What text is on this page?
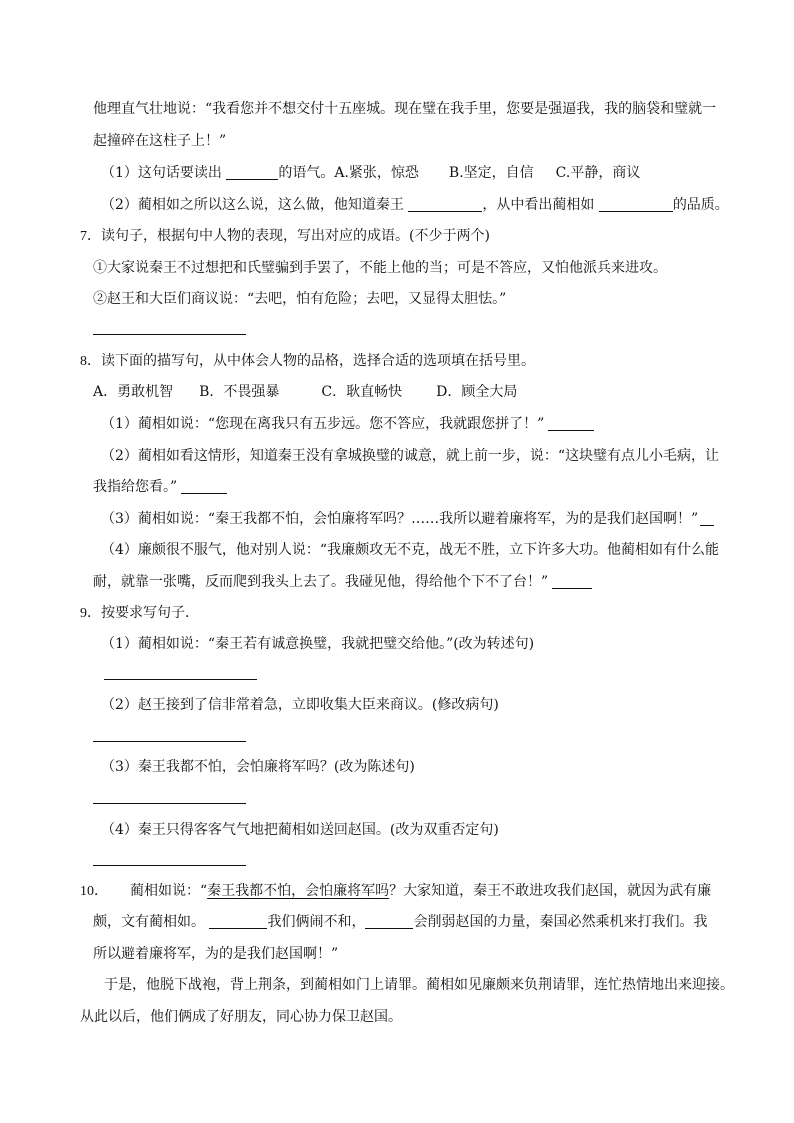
他理直气壮地说：“我看您并不想交付十五座城。现在璧在我手里，您要是强逼我，我的脑袋和璧就一
起撞碎在这柱子上！”
（1）这句话要读出	的语气。A.紧张，惊恐 B.坚定，自信 C.平静，商议
（2）蔺相如之所以这么说，这么做，他知道秦王	，从中看出蔺相如	的品质。
7．读句子，根据句中人物的表现，写出对应的成语。(不少于两个)
①大家说秦王不过想把和氏璧骗到手罢了，不能上他的当；可是不答应，又怕他派兵来进攻。
②赵王和大臣们商议说：“去吧，怕有危险；去吧，又显得太胆怯。”
8．读下面的描写句，从中体会人物的品格，选择合适的选项填在括号里。
A．勇敢机智 B．不畏强暴	C．耿直畅快 D．顾全大局
（1）蔺相如说：“您现在离我只有五步远。您不答应，我就跟您拼了！”
（2）蔺相如看这情形，知道秦王没有拿城换璧的诚意，就上前一步，说：“这块璧有点儿小毛病，让
我指给您看。”
（3）蔺相如说：“秦王我都不怕，会怕廉将军吗？……我所以避着廉将军，为的是我们赵国啊！”
（4）廉颇很不服气，他对别人说：“我廉颇攻无不克，战无不胜，立下许多大功。他蔺相如有什么能
耐，就靠一张嘴，反而爬到我头上去了。我碰见他，得给他个下不了台！”
9．按要求写句子．
（1）蔺相如说：“秦王若有诚意换璧，我就把璧交给他。”(改为转述句)
（2）赵王接到了信非常着急，立即收集大臣来商议。(修改病句)
（3）秦王我都不怕，会怕廉将军吗？(改为陈述句)
（4）秦王只得客客气气地把蔺相如送回赵国。(改为双重否定句)
10． 蔺相如说：“秦王我都不怕，会怕廉将军吗？大家知道，秦王不敢进攻我们赵国，就因为武有廉
颇，文有蔺相如。	我们俩闹不和，	会削弱赵国的力量，秦国必然乘机来打我们。我
所以避着廉将军，为的是我们赵国啊！”
于是，他脱下战袍，背上荆条，到蔺相如门上请罪。蔺相如见廉颇来负荆请罪，连忙热情地出来迎接。
从此以后，他们俩成了好朋友，同心协力保卫赵国。
